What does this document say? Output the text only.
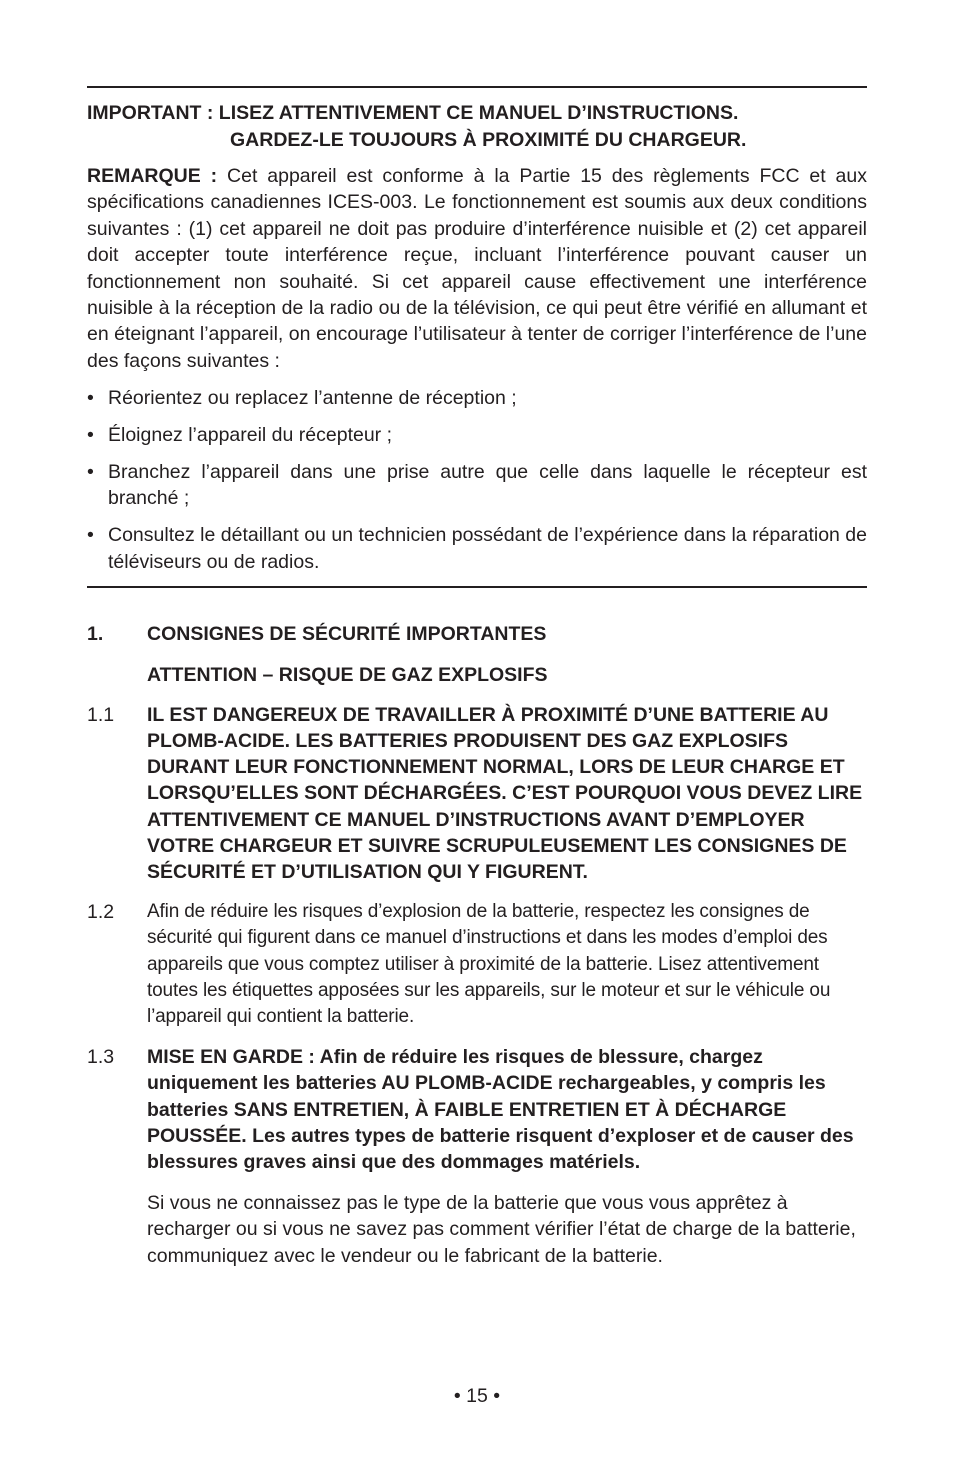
IMPORTANT : LISEZ ATTENTIVEMENT CE MANUEL D’INSTRUCTIONS.
GARDEZ-LE TOUJOURS À PROXIMITÉ DU CHARGEUR.
REMARQUE : Cet appareil est conforme à la Partie 15 des règlements FCC et aux spécifications canadiennes ICES-003. Le fonctionnement est soumis aux deux conditions suivantes : (1) cet appareil ne doit pas produire d’interférence nuisible et (2) cet appareil doit accepter toute interférence reçue, incluant l’interférence pouvant causer un fonctionnement non souhaité. Si cet appareil cause effectivement une interférence nuisible à la réception de la radio ou de la télévision, ce qui peut être vérifié en allumant et en éteignant l’appareil, on encourage l’utilisateur à tenter de corriger l’interférence de l’une des façons suivantes :
• Réorientez ou replacez l’antenne de réception ;
• Éloignez l’appareil du récepteur ;
• Branchez l’appareil dans une prise autre que celle dans laquelle le récepteur est branché ;
• Consultez le détaillant ou un technicien possédant de l’expérience dans la réparation de téléviseurs ou de radios.
1.	CONSIGNES DE SÉCURITÉ IMPORTANTES
ATTENTION – RISQUE DE GAZ EXPLOSIFS
1.1	IL EST DANGEREUX DE TRAVAILLER À PROXIMITÉ D’UNE BATTERIE AU PLOMB-ACIDE. LES BATTERIES PRODUISENT DES GAZ EXPLOSIFS DURANT LEUR FONCTIONNEMENT NORMAL, LORS DE LEUR CHARGE ET LORSQU’ELLES SONT DÉCHARGÉES. C’EST POURQUOI VOUS DEVEZ LIRE ATTENTIVEMENT CE MANUEL D’INSTRUCTIONS AVANT D’EMPLOYER VOTRE CHARGEUR ET SUIVRE SCRUPULEUSEMENT LES CONSIGNES DE SÉCURITÉ ET D’UTILISATION QUI Y FIGURENT.
1.2	Afin de réduire les risques d’explosion de la batterie, respectez les consignes de sécurité qui figurent dans ce manuel d’instructions et dans les modes d’emploi des appareils que vous comptez utiliser à proximité de la batterie. Lisez attentivement toutes les étiquettes apposées sur les appareils, sur le moteur et sur le véhicule ou l’appareil qui contient la batterie.
1.3	MISE EN GARDE : Afin de réduire les risques de blessure, chargez uniquement les batteries AU PLOMB-ACIDE rechargeables, y compris les batteries SANS ENTRETIEN, À FAIBLE ENTRETIEN ET À DÉCHARGE POUSSÉE. Les autres types de batterie risquent d’exploser et de causer des blessures graves ainsi que des dommages matériels.
Si vous ne connaissez pas le type de la batterie que vous vous apprêtez à recharger ou si vous ne savez pas comment vérifier l’état de charge de la batterie, communiquez avec le vendeur ou le fabricant de la batterie.
• 15 •
